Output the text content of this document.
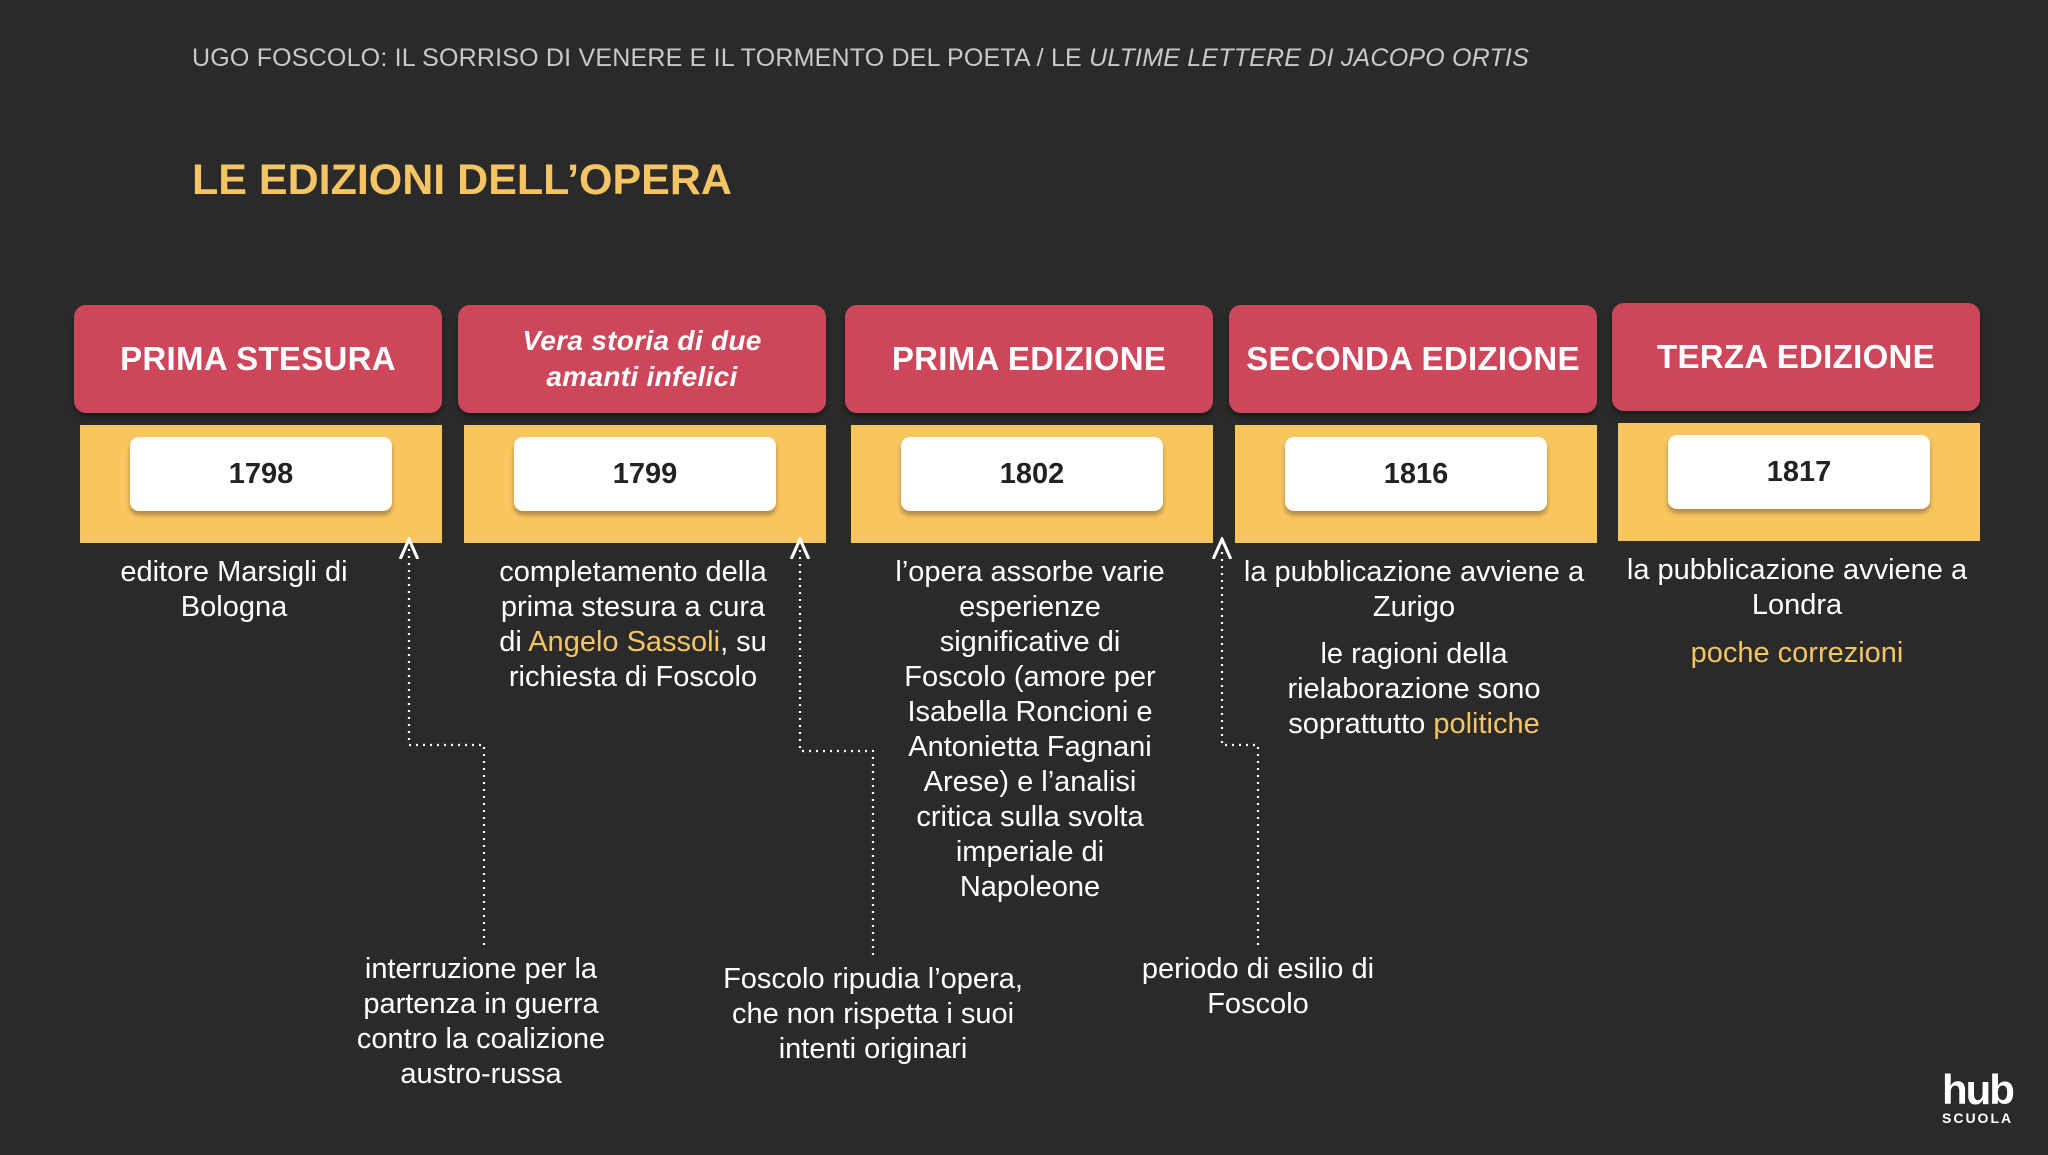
UGO FOSCOLO: IL SORRISO DI VENERE E IL TORMENTO DEL POETA / LE ULTIME LETTERE DI JACOPO ORTIS
LE EDIZIONI DELL’OPERA
PRIMA STESURA
1798
editore Marsigli di Bologna
Vera storia di due amanti infelici
1799
completamento della prima stesura a cura di Angelo Sassoli, su richiesta di Foscolo
PRIMA EDIZIONE
1802
l’opera assorbe varie esperienze significative di Foscolo (amore per Isabella Roncioni e Antonietta Fagnani Arese) e l’analisi critica sulla svolta imperiale di Napoleone
SECONDA EDIZIONE
1816
la pubblicazione avviene a Zurigo
le ragioni della rielaborazione sono soprattutto politiche
TERZA EDIZIONE
1817
la pubblicazione avviene a Londra
poche correzioni
interruzione per la partenza in guerra contro la coalizione austro-russa
Foscolo ripudia l’opera, che non rispetta i suoi intenti originari
periodo di esilio di Foscolo
hub
SCUOLA
